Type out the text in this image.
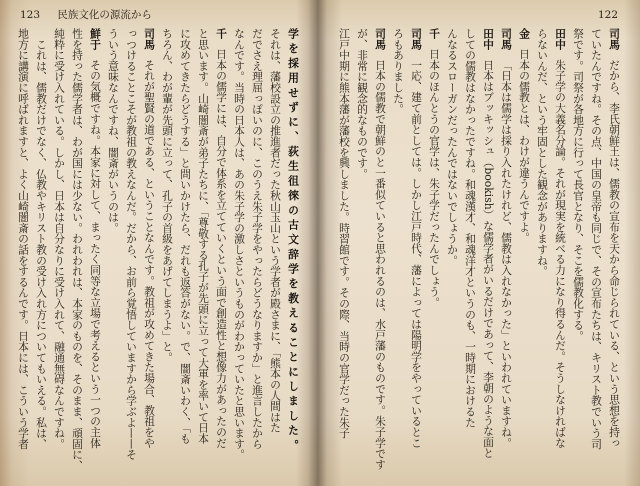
123 民族文化の源流から	122
学を採用せずに、荻生徂徠の古文辞学を教えることにしました。
それは、藩校設立の推進者だった秋山玉山という学者が殿さまに、「熊本の人間はた
だでさえ理屈っぽいのに、このうえ朱子学をやったらどうなりますか」と進言したから
なんです。当時の日本人は、あの朱子学の激しさというものがわかっていたと思います。
千日本の儒学には、自分で体系を立てていくという面で創造性と想像力があったのだ
と思います。山崎闇斎が弟子たちに、「尊敬する孔子が先頭に立って大軍を率いて日本
に攻めてきたらどうする」と問いかけたら、だれも返答がない。で、闇斎いわく、「も
ちろん、わが輩が先頭に立って、孔子の首級をあげてしまうよ」と。
司馬それが聖賢の道である、ということなんです。教祖が攻めてきた場合、教祖をや
っつけることこそが教祖の教えなんだ。だから、お前ら覚悟していますから学ぶよ——そ
ういう意味なんですね、闇斎がいうのは。
鮮于その気概ですね。本家に対して、まったく同等な立場で考えるという一つの主体
性を持った儒学者は、わが国には少ない。われわれは、本家のものを、そのまま、頑固に、
純粋に受け入れている。しかし、日本は自分なりに受け入れて、融通無碍なんですね。
　これは、儒教だけでなく、仏教やキリスト教の受け入れ方についてもいえる。私は、
地方に講演に呼ばれますと、よく山崎闇斎の話をするんです。日本には、こういう学者	司馬だから、李氏朝鮮王は、儒教の宣布を天から命じられている、という思想を持っ
ていたんですね。その点、中国の皇帝も同じで、その宣布たちは、キリスト教でいう司
祭です。司祭が各地方に行って長官となり、そこを儒教化する。
田中朱子学の大義名分論。それが現実を統べる力になり得るんだ。そうしなければな
らないんだ、という牢固とした観念がありますね。
金日本の儒教とは、わけが違うんですよ。
司馬「日本は儒学は採り入れたけれど、儒教は入れなかった」といわれていますね。
田中日本はブッキッシュ（bookish）な儒学者がいるだけであって、李朝のような面と
しての儒教はなかったですね。和魂漢才、和魂洋才というのも、一時期におけるた
んなるスローガンだったんではないでしょうか。
千日本のほんとうの官学は、朱子学だったんでしょう。
司馬一応、建て前としては。しかし江戸時代、藩によっては陽明学をやっているとこ
ろもありました。
司馬日本の儒教で朝鮮のと一番似ていると思われるのは、水戸藩のものです。朱子学です
が、非常に観念的なものです。
江戸中期に熊本藩が藩校を興しました。時習館です。その際、当時の官学だった朱子
